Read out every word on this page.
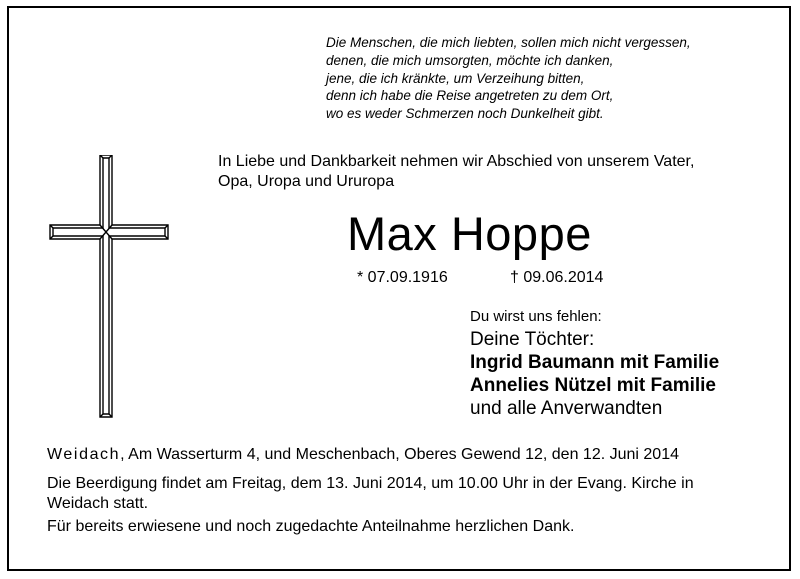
Die Menschen, die mich liebten, sollen mich nicht vergessen,
denen, die mich umsorgten, möchte ich danken,
jene, die ich kränkte, um Verzeihung bitten,
denn ich habe die Reise angetreten zu dem Ort,
wo es weder Schmerzen noch Dunkelheit gibt.
In Liebe und Dankbarkeit nehmen wir Abschied von unserem Vater,
Opa, Uropa und Ururopa
Max Hoppe
* 07.09.1916	† 09.06.2014
Du wirst uns fehlen:
Deine Töchter:
Ingrid Baumann mit Familie
Annelies Nützel mit Familie
und alle Anverwandten
Weidach, Am Wasserturm 4, und Meschenbach, Oberes Gewend 12, den 12. Juni 2014
Die Beerdigung findet am Freitag, dem 13. Juni 2014, um 10.00 Uhr in der Evang. Kirche in Weidach statt.
Für bereits erwiesene und noch zugedachte Anteilnahme herzlichen Dank.
